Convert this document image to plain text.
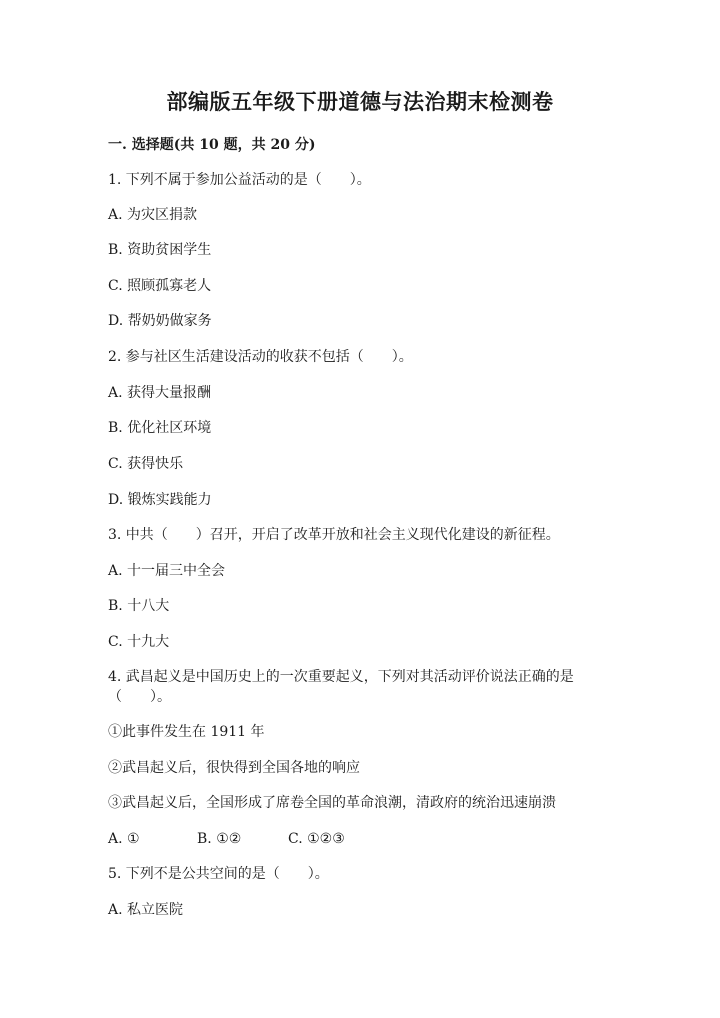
部编版五年级下册道德与法治期末检测卷
一. 选择题(共 10 题，共 20 分)
1. 下列不属于参加公益活动的是（　　）。
A. 为灾区捐款
B. 资助贫困学生
C. 照顾孤寡老人
D. 帮奶奶做家务
2. 参与社区生活建设活动的收获不包括（　　）。
A. 获得大量报酬
B. 优化社区环境
C. 获得快乐
D. 锻炼实践能力
3. 中共（　　）召开，开启了改革开放和社会主义现代化建设的新征程。
A. 十一届三中全会
B. 十八大
C. 十九大
4. 武昌起义是中国历史上的一次重要起义，下列对其活动评价说法正确的是
（　　）。
①此事件发生在 1911 年
②武昌起义后，很快得到全国各地的响应
③武昌起义后，全国形成了席卷全国的革命浪潮，清政府的统治迅速崩溃
A. ①	B. ①②	C. ①②③
5. 下列不是公共空间的是（　　）。
A. 私立医院
